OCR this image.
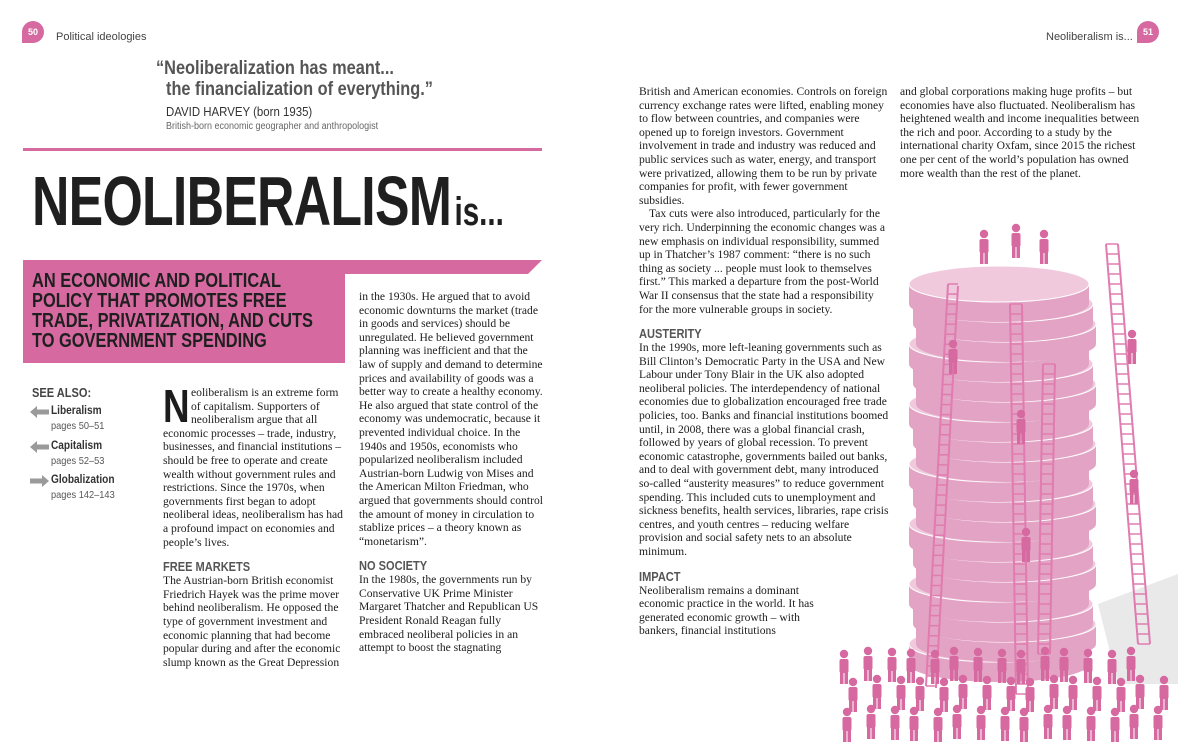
50 Political ideologies	Neoliberalism is... 51
“Neoliberalization has meant...
the financialization of everything.”
DAVID HARVEY (born 1935)
British-born economic geographer and anthropologist
NEOLIBERALISM is...
AN ECONOMIC AND POLITICAL
POLICY THAT PROMOTES FREE
TRADE, PRIVATIZATION, AND CUTS
TO GOVERNMENT SPENDING
SEE ALSO:
Liberalism
pages 50–51
Capitalism
pages 52–53
Globalization
pages 142–143
N eoliberalism is an extreme form of capitalism. Supporters of neoliberalism argue that all economic processes – trade, industry, businesses, and financial institutions – should be free to operate and create wealth without government rules and restrictions. Since the 1970s, when governments first began to adopt neoliberal ideas, neoliberalism has had a profound impact on economies and people’s lives.

FREE MARKETS

The Austrian-born British economist Friedrich Hayek was the prime mover behind neoliberalism. He opposed the type of government investment and economic planning that had become popular during and after the economic slump known as the Great Depression

in the 1930s. He argued that to avoid economic downturns the market (trade in goods and services) should be unregulated. He believed government planning was inefficient and that the law of supply and demand to determine prices and availability of goods was a better way to create a healthy economy. He also argued that state control of the economy was undemocratic, because it prevented individual choice. In the 1940s and 1950s, economists who popularized neoliberalism included Austrian-born Ludwig von Mises and the American Milton Friedman, who argued that governments should control the amount of money in circulation to stablize prices – a theory known as “monetarism”.

NO SOCIETY

In the 1980s, the governments run by Conservative UK Prime Minister Margaret Thatcher and Republican US President Ronald Reagan fully embraced neoliberal policies in an attempt to boost the stagnating

British and American economies. Controls on foreign currency exchange rates were lifted, enabling money to flow between countries, and companies were opened up to foreign investors. Government involvement in trade and industry was reduced and public services such as water, energy, and transport were privatized, allowing them to be run by private companies for profit, with fewer government subsidies.

Tax cuts were also introduced, particularly for the very rich. Underpinning the economic changes was a new emphasis on individual responsibility, summed up in Thatcher’s 1987 comment: “there is no such thing as society ... people must look to themselves first.” This marked a departure from the post-World War II consensus that the state had a responsibility for the more vulnerable groups in society.

AUSTERITY

In the 1990s, more left-leaning governments such as Bill Clinton’s Democratic Party in the USA and New Labour under Tony Blair in the UK also adopted neoliberal policies. The interdependency of national economies due to globalization encouraged free trade policies, too. Banks and financial institutions boomed until, in 2008, there was a global financial crash, followed by years of global recession. To prevent economic catastrophe, governments bailed out banks, and to deal with government debt, many introduced so-called “austerity measures” to reduce government spending. This included cuts to unemployment and sickness benefits, health services, libraries, rape crisis centres, and youth centres – reducing welfare provision and social safety nets to an absolute minimum.

IMPACT

Neoliberalism remains a dominant economic practice in the world. It has generated economic growth – with bankers, financial institutions

and global corporations making huge profits – but economies have also fluctuated. Neoliberalism has heightened wealth and income inequalities between the rich and poor. According to a study by the international charity Oxfam, since 2015 the richest one per cent of the world’s population has owned more wealth than the rest of the planet.
